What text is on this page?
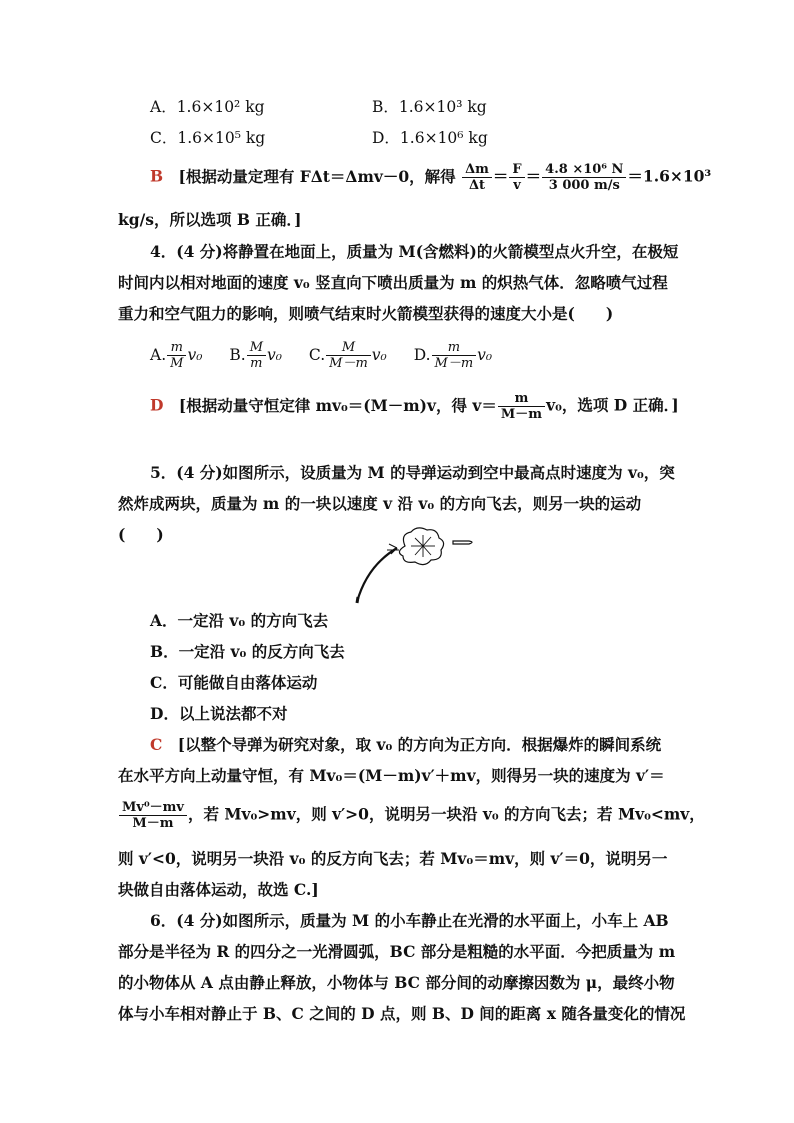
A．1.6×10² kg	B．1.6×10³ kg
C．1.6×10⁵ kg	D．1.6×10⁶ kg
B [根据动量定理有 FΔt＝Δmv－0，解得 $\frac{\Delta m}{\Delta t} = \frac{F}{v} = \frac{\text{4.8 ×10⁶ N}}{3 000 m/s} =1.6\times 10^3$
kg/s，所以选项 B 正确．]
4．(4 分)将静置在地面上，质量为 M(含燃料)的火箭模型点火升空，在极短
时间内以相对地面的速度 v₀ 竖直向下喷出质量为 m 的炽热气体．忽略喷气过程
重力和空气阻力的影响，则喷气结束时火箭模型获得的速度大小是(　　)
A. $\frac{m}{M} v_0$ B. $\frac{M}{m} v_0$ C. $\frac{M}{M-m} v_0$ D. $\frac{m}{M-m} v_0$
D [根据动量守恒定律 mv₀＝(M－m)v，得 $v= \frac{m}{M-m} v_0$，选项 D 正确．]
5．(4 分)如图所示，设质量为 M 的导弹运动到空中最高点时速度为 v₀，突
然炸成两块，质量为 m 的一块以速度 v 沿 v₀ 的方向飞去，则另一块的运动
(　　)
A．一定沿 v₀ 的方向飞去
B．一定沿 v₀ 的反方向飞去
C．可能做自由落体运动
D．以上说法都不对
C [以整个导弹为研究对象，取 v₀ 的方向为正方向．根据爆炸的瞬间系统
在水平方向上动量守恒，有 Mv₀＝(M－m)v′＋mv，则得另一块的速度为 v′＝
$\frac{\text{Mv⁰－mv}}{M-m}$ ，若 Mv₀>mv，则 v′>0，说明另一块沿 v₀ 的方向飞去；若 Mv₀<mv，
则 v′<0，说明另一块沿 v₀ 的反方向飞去；若 Mv₀＝mv，则 v′＝0，说明另一
块做自由落体运动，故选 C.]
6．(4 分)如图所示，质量为 M 的小车静止在光滑的水平面上，小车上 AB
部分是半径为 R 的四分之一光滑圆弧，BC 部分是粗糙的水平面．今把质量为 m
的小物体从 A 点由静止释放，小物体与 BC 部分间的动摩擦因数为 μ，最终小物
体与小车相对静止于 B、C 之间的 D 点，则 B、D 间的距离 x 随各量变化的情况
